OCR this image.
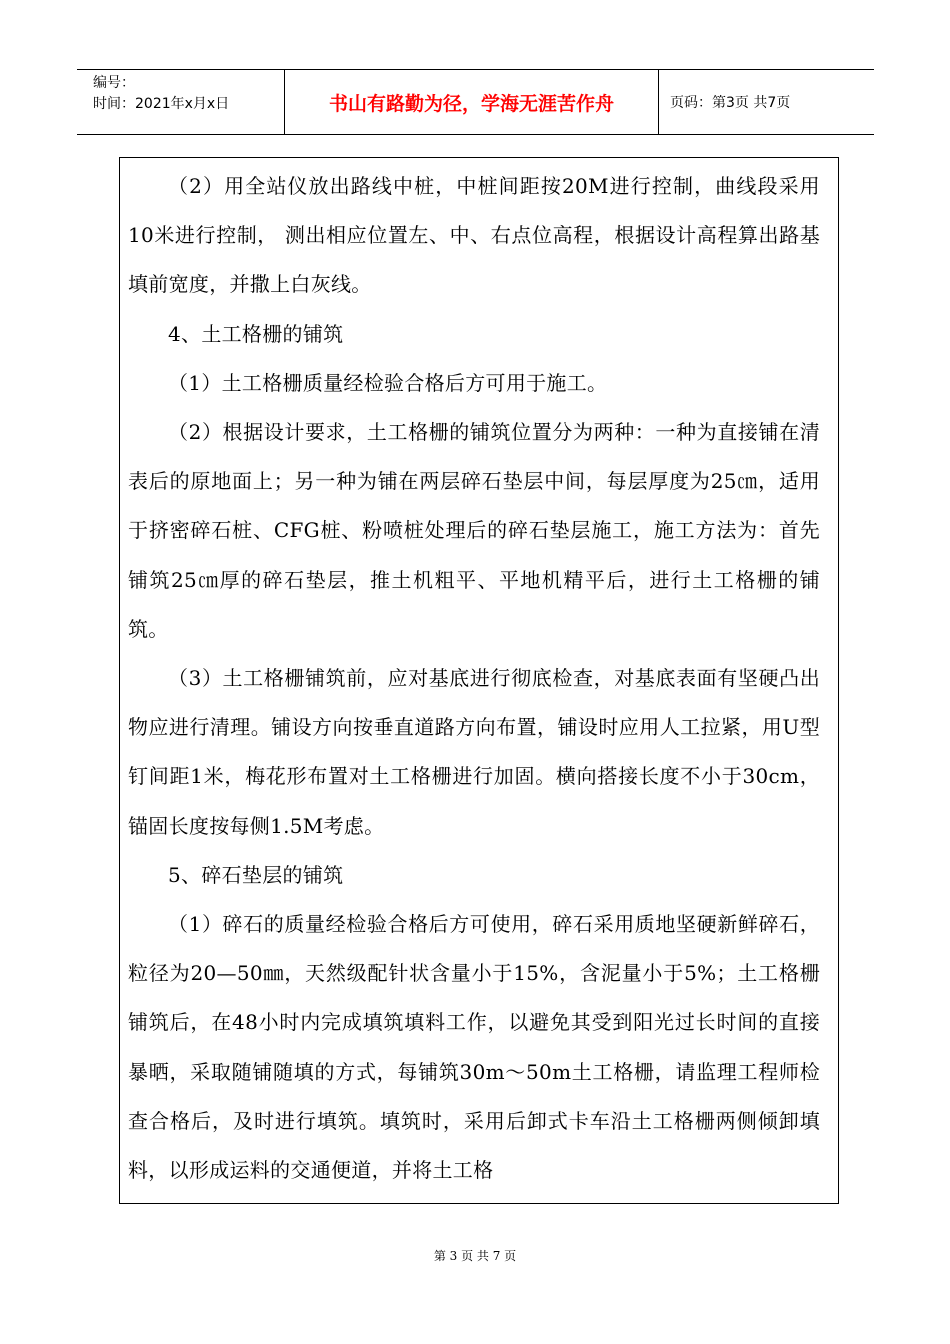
编号：
时间：2021年x月x日	书山有路勤为径，学海无涯苦作舟	页码：第3页 共7页

（2）用全站仪放出路线中桩，中桩间距按20M进行控制，曲线段采用10米进行控制， 测出相应位置左、中、右点位高程，根据设计高程算出路基填前宽度，并撒上白灰线。

4、土工格栅的铺筑

（1）土工格栅质量经检验合格后方可用于施工。

（2）根据设计要求，土工格栅的铺筑位置分为两种：一种为直接铺在清表后的原地面上；另一种为铺在两层碎石垫层中间，每层厚度为25㎝，适用于挤密碎石桩、CFG桩、粉喷桩处理后的碎石垫层施工，施工方法为：首先铺筑25㎝厚的碎石垫层，推土机粗平、平地机精平后，进行土工格栅的铺筑。

（3）土工格栅铺筑前，应对基底进行彻底检查，对基底表面有坚硬凸出物应进行清理。铺设方向按垂直道路方向布置，铺设时应用人工拉紧，用U型钉间距1米，梅花形布置对土工格栅进行加固。横向搭接长度不小于30cm，锚固长度按每侧1.5M考虑。

5、碎石垫层的铺筑

（1）碎石的质量经检验合格后方可使用，碎石采用质地坚硬新鲜碎石，粒径为20—50㎜，天然级配针状含量小于15%，含泥量小于5%；土工格栅铺筑后，在48小时内完成填筑填料工作，以避免其受到阳光过长时间的直接暴晒，采取随铺随填的方式，每铺筑30m～50m土工格栅，请监理工程师检查合格后，及时进行填筑。填筑时，采用后卸式卡车沿土工格栅两侧倾卸填料，以形成运料的交通便道，并将土工格

第 3 页 共 7 页
